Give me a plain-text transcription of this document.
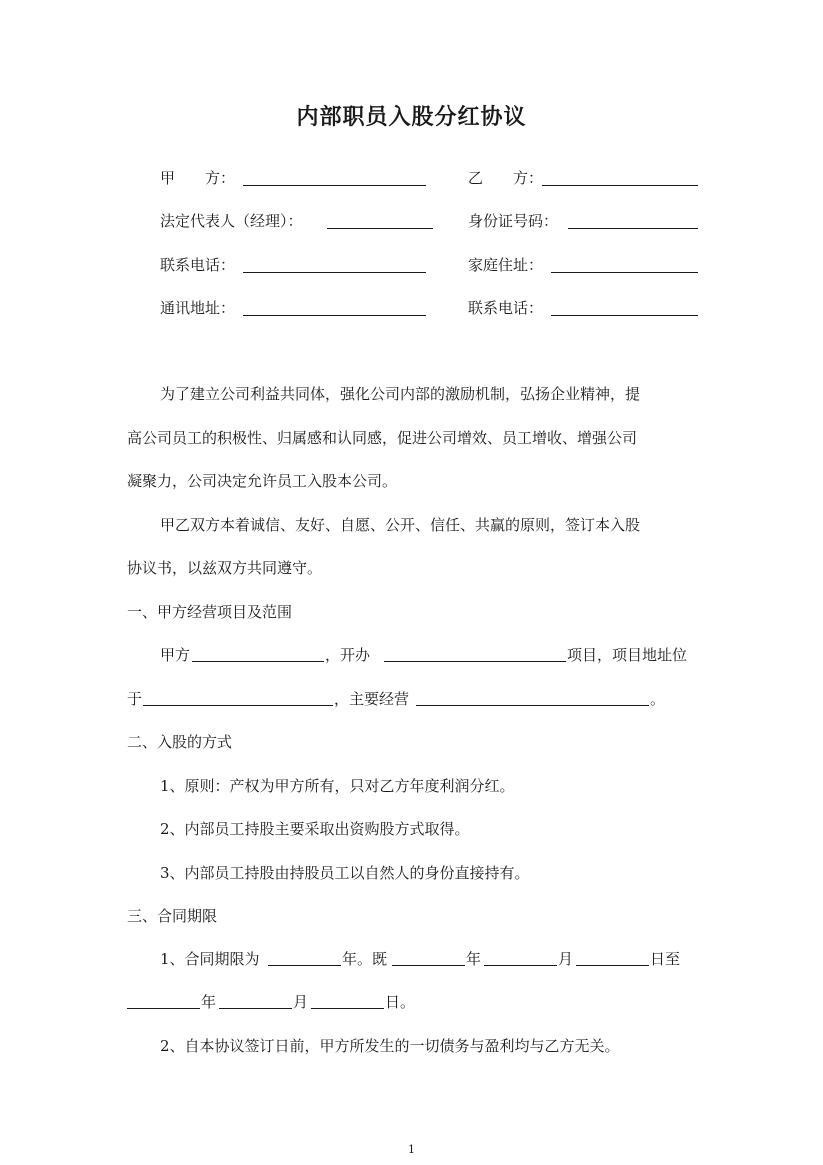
内部职员入股分红协议
甲　　方：	乙　　方：
法定代表人（经理）：	身份证号码：
联系电话：	家庭住址：
通讯地址：	联系电话：
为了建立公司利益共同体，强化公司内部的激励机制，弘扬企业精神，提
高公司员工的积极性、归属感和认同感，促进公司增效、员工增收、增强公司
凝聚力，公司决定允许员工入股本公司。
甲乙双方本着诚信、友好、自愿、公开、信任、共赢的原则，签订本入股
协议书，以兹双方共同遵守。
一、甲方经营项目及范围
甲方	，开办	项目，项目地址位
于	，主要经营	。
二、入股的方式
1、原则：产权为甲方所有，只对乙方年度利润分红。
2、内部员工持股主要采取出资购股方式取得。
3、内部员工持股由持股员工以自然人的身份直接持有。
三、合同期限
1、合同期限为	年。既	年	月	日至
年	月	日。
2、自本协议签订日前，甲方所发生的一切债务与盈利均与乙方无关。
1
